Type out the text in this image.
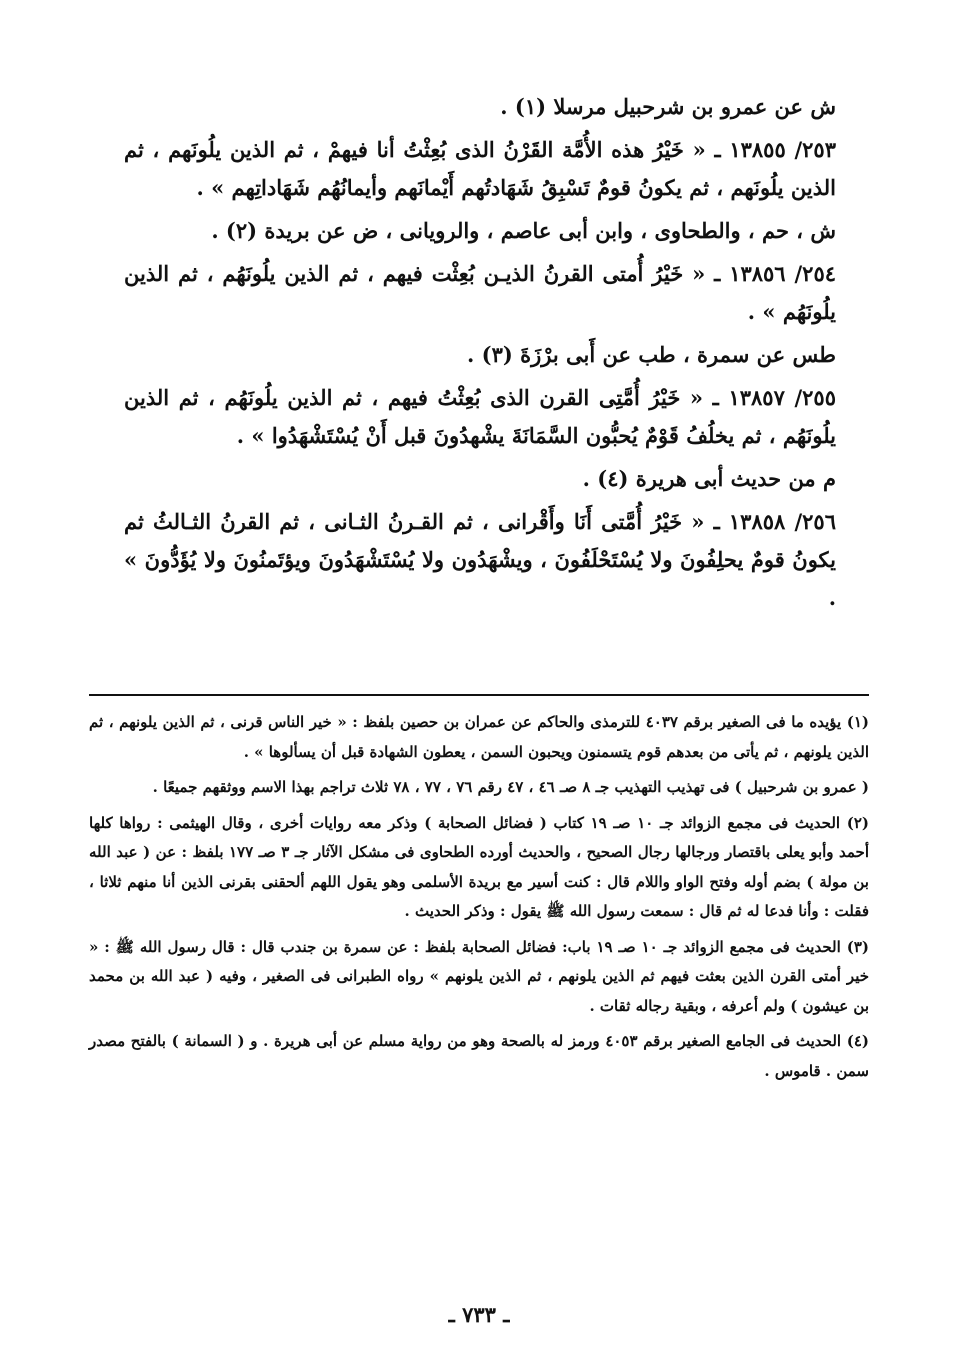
ش عن عمرو بن شرحبيل مرسلا (١) .

٢٥٣/ ١٣٨٥٥ ـ « خَيْرُ هذه الأُمَّة القَرْنُ الذى بُعِثْتُ أنا فيهمْ ، ثم الذين يلُونَهم ، ثم الذين يلُونَهم ، ثم يكونُ قومٌ تَسْبِقُ شَهَادتُهم أَيْمانَهم وأيمانُهُم شَهَاداتِهم » .

ش ، حم ، والطحاوى ، وابن أبى عاصم ، والرويانى ، ض عن بريدة (٢) .

٢٥٤/ ١٣٨٥٦ ـ « خَيْرُ أُمتى القرنُ الذيـن بُعِثْت فيهم ، ثم الذين يلُونَهُم ، ثم الذين يلُونَهُم » .

طس عن سمرة ، طب عن أَبى برْزَةَ (٣) .

٢٥٥/ ١٣٨٥٧ ـ « خَيْرُ أُمَّتِى القرن الذى بُعِثْتُ فيهم ، ثم الذين يلُونَهُم ، ثم الذين يلُونَهُم ، ثم يخلُفُ قَوْمٌ يُحبُّون السَّمَانَةَ يشْهدُونَ قبل أَنْ يُسْتَشْهَدُوا » .

م من حديث أبى هريرة (٤) .

٢٥٦/ ١٣٨٥٨ ـ « خَيْرُ أُمَّتى أَنَا وأَقْرانى ، ثم القـرنُ الثـانى ، ثم القرنُ الثـالثُ ثم يكونُ قومٌ يحلِفُونَ ولا يُسْتَحْلَفُونَ ، ويشْهَدُون ولا يُسْتَشْهَدُونَ ويؤتَمنُونَ ولا يُؤَدُّونَ » .

(١) يؤيده ما فى الصغير برقم ٤٠٣٧ للترمذى والحاكم عن عمران بن حصين بلفظ : « خير الناس قرنى ، ثم الذين يلونهم ، ثم الذين يلونهم ، ثم يأتى من بعدهم قوم يتسمنون ويحبون السمن ، يعطون الشهادة قبل أن يسألوها » .

( عمرو بن شرحبيل ) فى تهذيب التهذيب جـ ٨ صـ ٤٦ ، ٤٧ رقم ٧٦ ، ٧٧ ، ٧٨ ثلاث تراجم بهذا الاسم ووثقهم جميعًا .

(٢) الحديث فى مجمع الزوائد جـ ١٠ صـ ١٩ كتاب ( فضائل الصحابة ) وذكر معه روايات أخرى ، وقال الهيثمى : رواها كلها أحمد وأبو يعلى باقتصار ورجالها رجال الصحيح ، والحديث أورده الطحاوى فى مشكل الآثار جـ ٣ صـ ١٧٧ بلفظ : عن ( عبد الله بن مولة ) بضم أوله وفتح الواو واللام قال : كنت أسير مع بريدة الأسلمى وهو يقول اللهم ألحقنى بقرنى الذين أنا منهم ثلاثا ، فقلت : وأنا فدعا له ثم قال : سمعت رسول الله ﷺ يقول : وذكر الحديث .

(٣) الحديث فى مجمع الزوائد جـ ١٠ صـ ١٩ باب: فضائل الصحابة بلفظ : عن سمرة بن جندب قال : قال رسول الله ﷺ : « خير أمتى القرن الذين بعثت فيهم ثم الذين يلونهم ، ثم الذين يلونهم » رواه الطبرانى فى الصغير ، وفيه ( عبد الله بن محمد بن عيشون ) ولم أعرفه ، وبقية رجاله ثقات .

(٤) الحديث فى الجامع الصغير برقم ٤٠٥٣ ورمز له بالصحة وهو من رواية مسلم عن أبى هريرة . و ( السمانة ) بالفتح مصدر سمن . قاموس .

ـ ٧٣٣ ـ
